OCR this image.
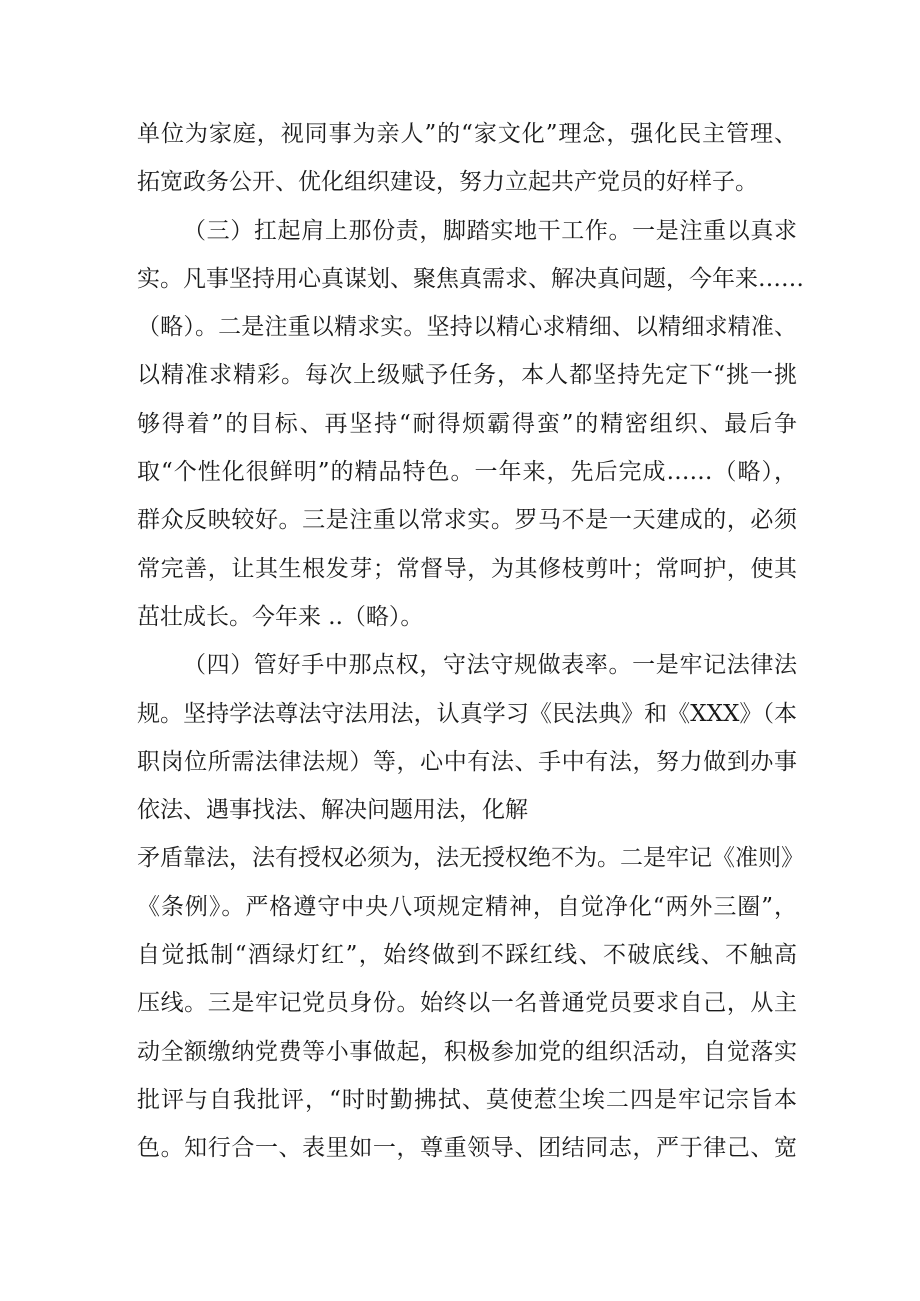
单位为家庭，视同事为亲人”的“家文化”理念，强化民主管理、
拓宽政务公开、优化组织建设，努力立起共产党员的好样子。
（三）扛起肩上那份责，脚踏实地干工作。一是注重以真求
实。凡事坚持用心真谋划、聚焦真需求、解决真问题，今年来……
（略）。二是注重以精求实。坚持以精心求精细、以精细求精准、
以精准求精彩。每次上级赋予任务，本人都坚持先定下“挑一挑
够得着”的目标、再坚持“耐得烦霸得蛮”的精密组织、最后争
取“个性化很鲜明”的精品特色。一年来，先后完成……（略），
群众反映较好。三是注重以常求实。罗马不是一天建成的，必须
常完善，让其生根发芽；常督导，为其修枝剪叶；常呵护，使其
茁壮成长。今年来 ..（略）。
（四）管好手中那点权，守法守规做表率。一是牢记法律法
规。坚持学法尊法守法用法，认真学习《民法典》和《XXX》（本
职岗位所需法律法规）等，心中有法、手中有法，努力做到办事
依法、遇事找法、解决问题用法，化解
矛盾靠法，法有授权必须为，法无授权绝不为。二是牢记《准则》
《条例》。严格遵守中央八项规定精神，自觉净化“两外三圈”，
自觉抵制“酒绿灯红”，始终做到不踩红线、不破底线、不触高
压线。三是牢记党员身份。始终以一名普通党员要求自己，从主
动全额缴纳党费等小事做起，积极参加党的组织活动，自觉落实
批评与自我批评，“时时勤拂拭、莫使惹尘埃二四是牢记宗旨本
色。知行合一、表里如一，尊重领导、团结同志，严于律己、宽
